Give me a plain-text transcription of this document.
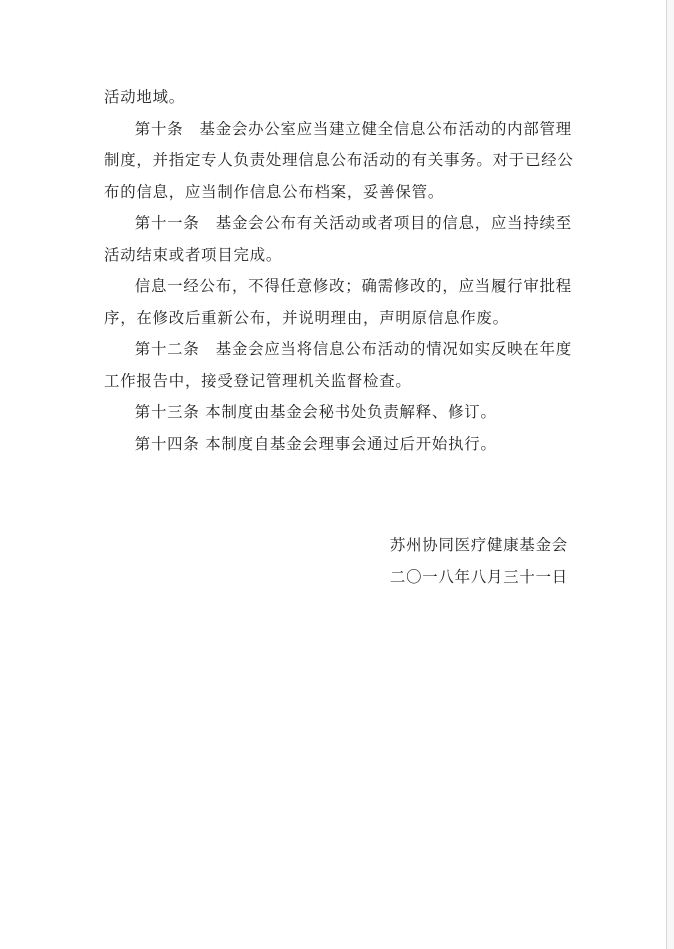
活动地域。

第十条　基金会办公室应当建立健全信息公布活动的内部管理制度，并指定专人负责处理信息公布活动的有关事务。对于已经公布的信息，应当制作信息公布档案，妥善保管。

第十一条　基金会公布有关活动或者项目的信息，应当持续至活动结束或者项目完成。

信息一经公布，不得任意修改；确需修改的，应当履行审批程序，在修改后重新公布，并说明理由，声明原信息作废。

第十二条　基金会应当将信息公布活动的情况如实反映在年度工作报告中，接受登记管理机关监督检查。

第十三条 本制度由基金会秘书处负责解释、修订。

第十四条 本制度自基金会理事会通过后开始执行。

苏州协同医疗健康基金会
二〇一八年八月三十一日
